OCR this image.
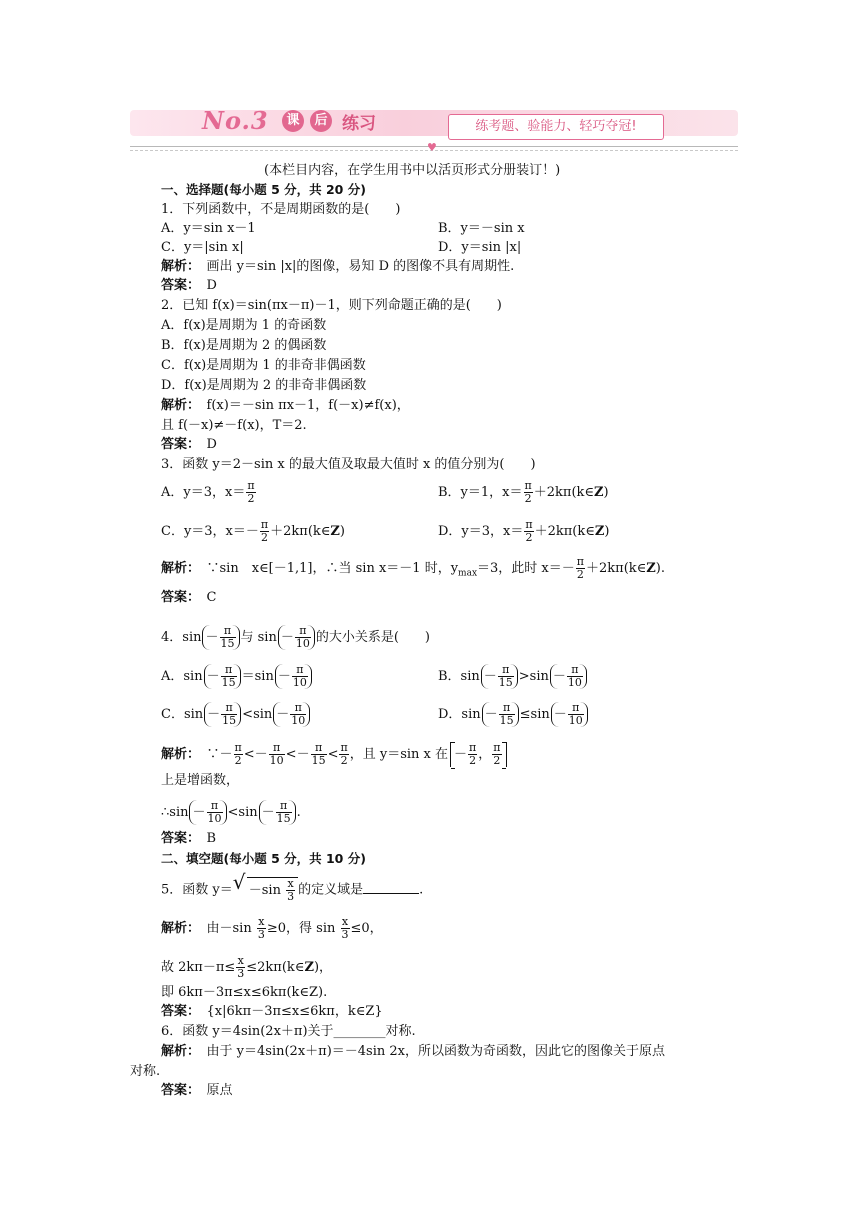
No.3	课	后 练习	练考题、验能力、轻巧夺冠!
♥
(本栏目内容，在学生用书中以活页形式分册装订！)
一、选择题(每小题 5 分，共 20 分)
1．下列函数中，不是周期函数的是(　　)
A．y＝sin x－1	B．y＝－sin x
C．y＝|sin x|	D．y＝sin |x|
解析：　 画出 y＝sin |x|的图像，易知 D 的图像不具有周期性.
答案：　 D
2．已知 f(x)＝sin(πx－π)－1，则下列命题正确的是(　　)
A．f(x)是周期为 1 的奇函数
B．f(x)是周期为 2 的偶函数
C．f(x)是周期为 1 的非奇非偶函数
D．f(x)是周期为 2 的非奇非偶函数
解析：　 f(x)＝－sin πx－1，f(－x)≠f(x)，
且 f(－x)≠－f(x)，T＝2.
答案：　 D
3．函数 y＝2－sin x 的最大值及取最大值时 x 的值分别为(　　)
A．y＝3，$x= \frac{\pi}{2}$	B．y＝1，$x= \frac{\pi}{2}$ ＋2kπ(k∈Z)
C．y＝3，$x=- \frac{\pi}{2}$ ＋2kπ(k∈Z)	D．y＝3，$x= \frac{\pi}{2}$ ＋2kπ(k∈Z)
解析：　∵sin　x∈[－1,1]，∴当 sin x＝－1 时，$y_{max}=3$，此时 $x=- \frac{\pi}{2}$ ＋2kπ(k∈Z).
答案：　 C
4．$\sin - \frac{\pi}{15}$ 与 $\sin - \frac{\pi}{10}$ 的大小关系是(　　)
A．$\sin - \frac{\pi}{15} =\sin - \frac{\pi}{10}$	B．$\sin - \frac{\pi}{15} >\sin - \frac{\pi}{10}$
C．$\sin - \frac{\pi}{15} <\sin - \frac{\pi}{10}$	D．$\sin - \frac{\pi}{15} \le\sin - \frac{\pi}{10}$
解析：　∵－ $\frac{\pi}{2} <- \frac{\pi}{10} <- \frac{\pi}{15} < \frac{\pi}{2}$ ，且 y＝sin x 在 － $\frac{\pi}{2}$ ， $\frac{\pi}{2}$
上是增函数，
∴sin － $\frac{\pi}{10} <\sin - \frac{\pi}{15}$ .
答案：　 B
二、填空题(每小题 5 分，共 10 分)
5．函数 $y=√ -\sin \frac{x}{3}$ 的定义域是	.
解析：　由$-\sin \frac{x}{3} \ge 0$，得 $\sin \frac{x}{3} \le 0$，
故 $2k\pi-\pi\le \frac{x}{3}$ ≤2kπ(k∈Z)，
即 6kπ－3π≤x≤6kπ(k∈Z).
答案：　 {x|6kπ－3π≤x≤6kπ，k∈Z}
6．函数 y＝4sin(2x＋π)关于________对称.
解析：　 由于 y＝4sin(2x＋π)＝－4sin 2x，所以函数为奇函数，因此它的图像关于原点
对称.
答案：　 原点
